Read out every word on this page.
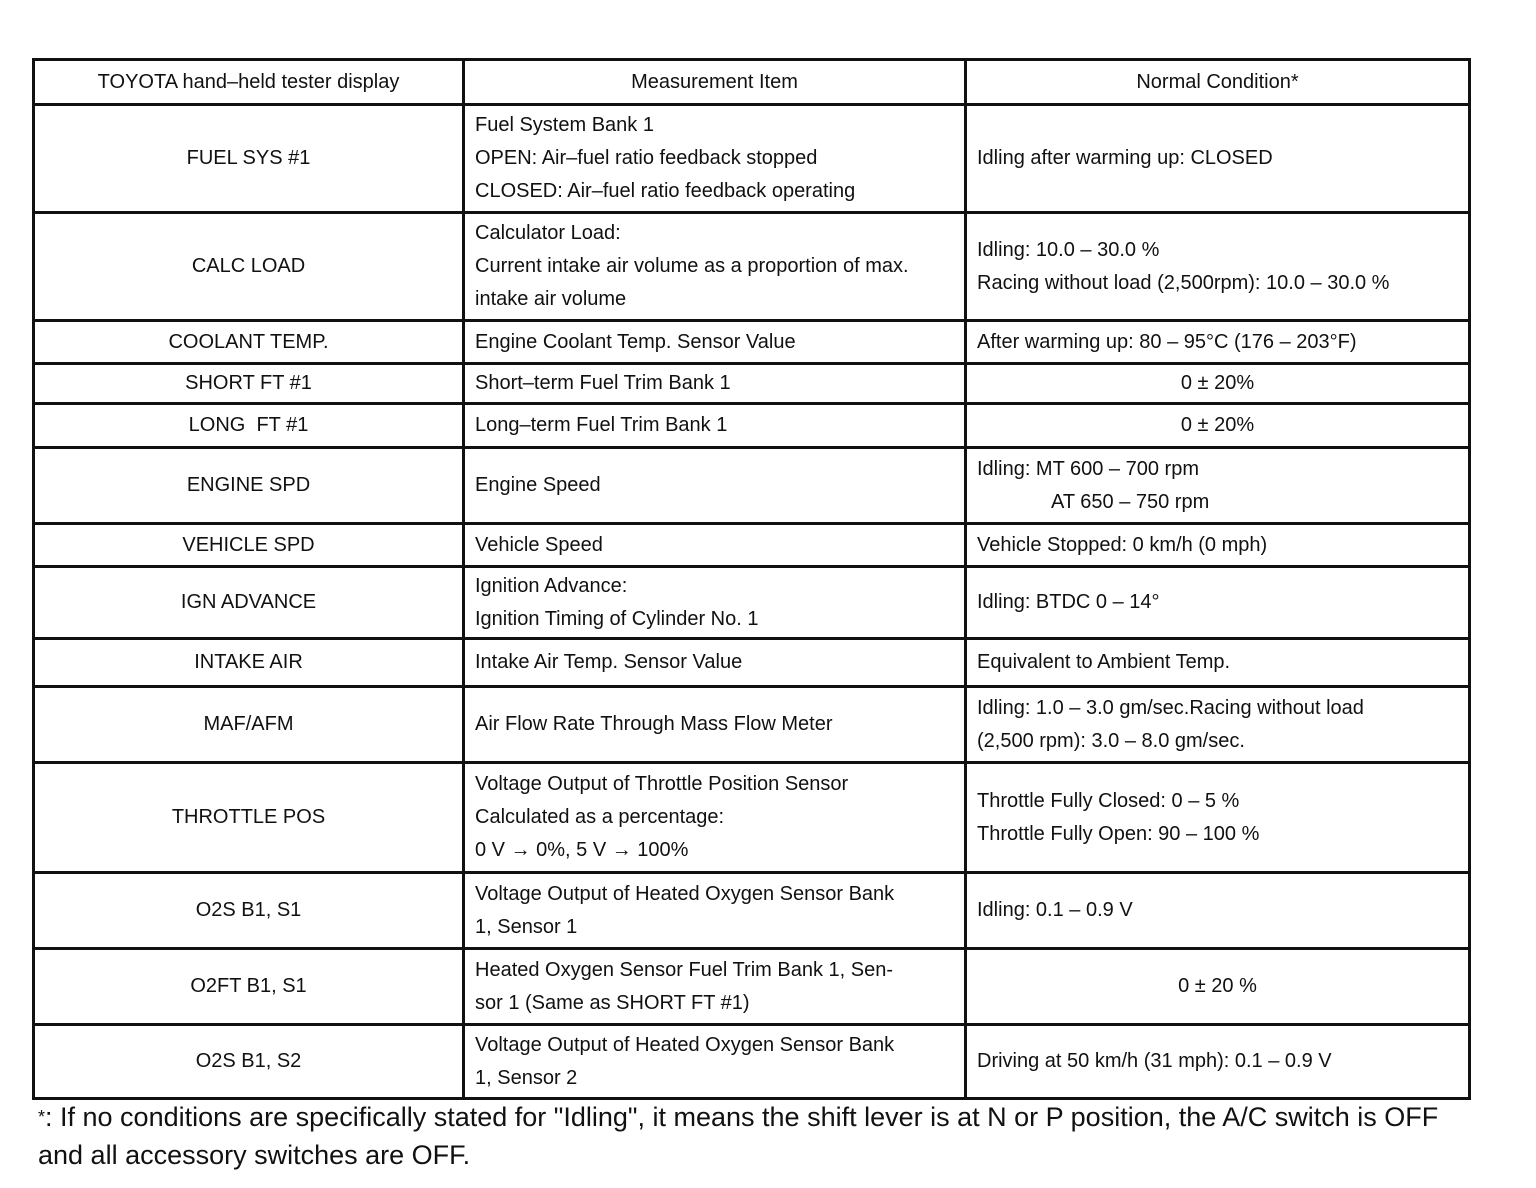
TOYOTA hand–held tester display	Measurement Item	Normal Condition*
FUEL SYS #1	Fuel System Bank 1
OPEN: Air–fuel ratio feedback stopped
CLOSED: Air–fuel ratio feedback operating	Idling after warming up: CLOSED

CALC LOAD	Calculator Load:
Current intake air volume as a proportion of max.
intake air volume	Idling: 10.0 – 30.0 %
Racing without load (2,500rpm): 10.0 – 30.0 %

COOLANT TEMP.	Engine Coolant Temp. Sensor Value	After warming up: 80 – 95°C (176 – 203°F)

SHORT FT #1	Short–term Fuel Trim Bank 1	0 ± 20%

LONG  FT #1	Long–term Fuel Trim Bank 1	0 ± 20%

ENGINE SPD	Engine Speed	Idling: MT 600 – 700 rpm
AT 650 – 750 rpm

VEHICLE SPD	Vehicle Speed	Vehicle Stopped: 0 km/h (0 mph)

IGN ADVANCE	Ignition Advance:
Ignition Timing of Cylinder No. 1	Idling: BTDC 0 – 14°

INTAKE AIR	Intake Air Temp. Sensor Value	Equivalent to Ambient Temp.

MAF/AFM	Air Flow Rate Through Mass Flow Meter	Idling: 1.0 – 3.0 gm/sec.Racing without load
(2,500 rpm): 3.0 – 8.0 gm/sec.

THROTTLE POS	Voltage Output of Throttle Position Sensor
Calculated as a percentage:
0 V → 0%, 5 V → 100%	Throttle Fully Closed: 0 – 5 %
Throttle Fully Open: 90 – 100 %

O2S B1, S1	Voltage Output of Heated Oxygen Sensor Bank
1, Sensor 1	Idling: 0.1 – 0.9 V

O2FT B1, S1	Heated Oxygen Sensor Fuel Trim Bank 1, Sen-
sor 1 (Same as SHORT FT #1)	0 ± 20 %

O2S B1, S2	Voltage Output of Heated Oxygen Sensor Bank
1, Sensor 2	Driving at 50 km/h (31 mph): 0.1 – 0.9 V
*: If no conditions are specifically stated for "Idling", it means the shift lever is at N or P position, the A/C switch is OFF and all accessory switches are OFF.
